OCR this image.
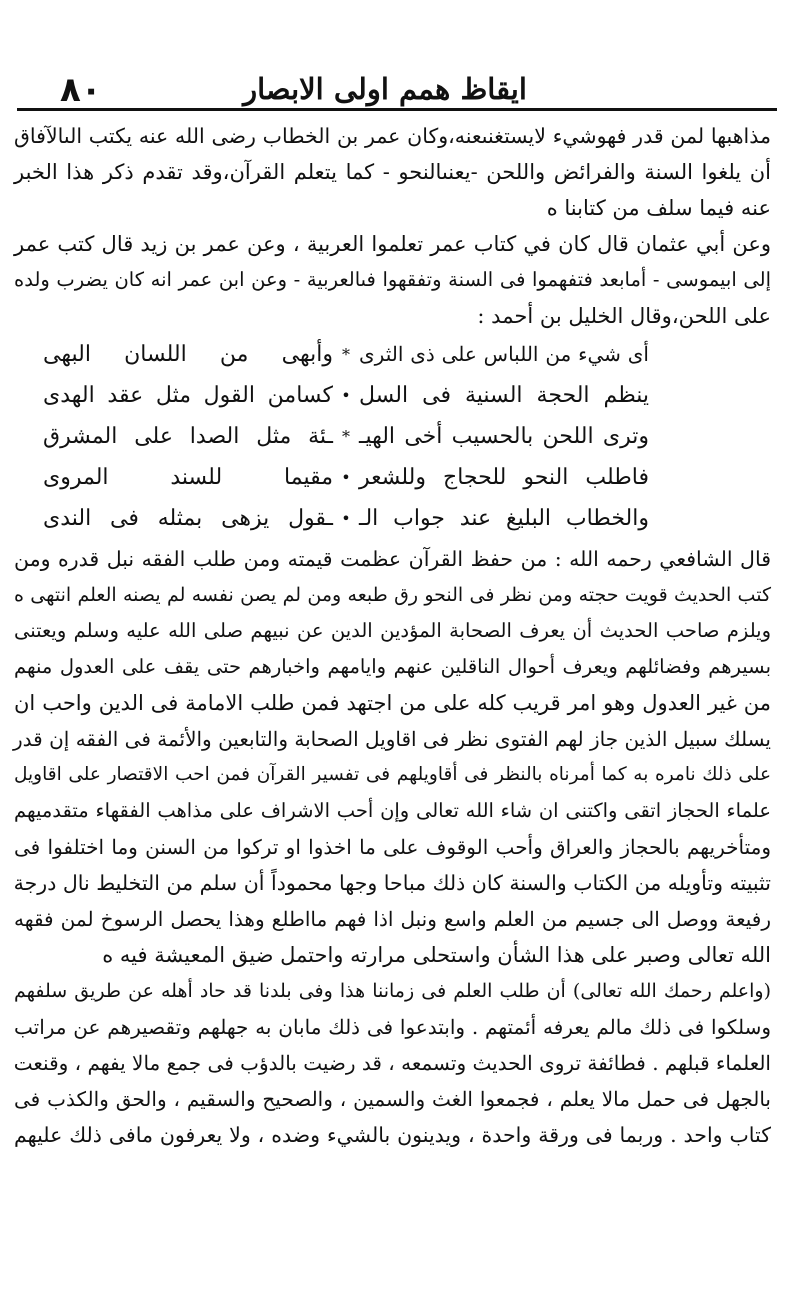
٨٠	ايقاظ همم اولى الابصار
مذاهبها لمن قدر فهوشيء لايستغنىعنه،وكان عمر بن الخطاب رضى الله عنه يكتب الىالآفاق
أن يلغوا السنة والفرائض واللحن -يعنىالنحو - كما يتعلم القرآن،وقد تقدم ذكر هذا الخبر
عنه فيما سلف من كتابنا ه
وعن أبي عثمان قال كان في كتاب عمر تعلموا العربية ، وعن عمر بن زيد قال كتب عمر
إلى ابيموسى - أمابعد فتفهموا فى السنة وتفقهوا فىالعربية - وعن ابن عمر انه كان يضرب ولده
على اللحن،وقال الخليل بن أحمد :
أى شيء من اللباس على ذى الثرى
*
وأبهى من اللسان البهى
ينظم الحجة السنية فى السل
•
كسامن القول مثل عقد الهدى
وترى اللحن بالحسيب أخى الهيـ
*
ـئة مثل الصدا على المشرق
فاطلب النحو للحجاج وللشعر
•
مقيما للسند المروى
والخطاب البليغ عند جواب الـ
•
ـقول يزهى بمثله فى الندى
قال الشافعي رحمه الله : من حفظ القرآن عظمت قيمته ومن طلب الفقه نبل قدره ومن
كتب الحديث قويت حجته ومن نظر فى النحو رق طبعه ومن لم يصن نفسه لم يصنه العلم انتهى ه
ويلزم صاحب الحديث أن يعرف الصحابة المؤدين الدين عن نبيهم صلى الله عليه وسلم ويعتنى
بسيرهم وفضائلهم ويعرف أحوال الناقلين عنهم وايامهم واخبارهم حتى يقف على العدول منهم
من غير العدول وهو امر قريب كله على من اجتهد فمن طلب الامامة فى الدين واحب ان
يسلك سبيل الذين جاز لهم الفتوى نظر فى اقاويل الصحابة والتابعين والأئمة فى الفقه إن قدر
على ذلك نامره به كما أمرناه بالنظر فى أقاويلهم فى تفسير القرآن فمن احب الاقتصار على اقاويل
علماء الحجاز اتقى واكتنى ان شاء الله تعالى وإن أحب الاشراف على مذاهب الفقهاء متقدميهم
ومتأخريهم بالحجاز والعراق وأحب الوقوف على ما اخذوا او تركوا من السنن وما اختلفوا فى
تثبيته وتأويله من الكتاب والسنة كان ذلك مباحا وجها محموداً أن سلم من التخليط نال درجة
رفيعة ووصل الى جسيم من العلم واسع ونبل اذا فهم مااطلع وهذا يحصل الرسوخ لمن فقهه
الله تعالى وصبر على هذا الشأن واستحلى مرارته واحتمل ضيق المعيشة فيه ه
(واعلم رحمك الله تعالى) أن طلب العلم فى زماننا هذا وفى بلدنا قد حاد أهله عن طريق سلفهم
وسلكوا فى ذلك مالم يعرفه أئمتهم . وابتدعوا فى ذلك مابان به جهلهم وتقصيرهم عن مراتب
العلماء قبلهم . فطائفة تروى الحديث وتسمعه ، قد رضيت بالدؤب فى جمع مالا يفهم ، وقنعت
بالجهل فى حمل مالا يعلم ، فجمعوا الغث والسمين ، والصحيح والسقيم ، والحق والكذب فى
كتاب واحد . وربما فى ورقة واحدة ، ويدينون بالشيء وضده ، ولا يعرفون مافى ذلك عليهم
